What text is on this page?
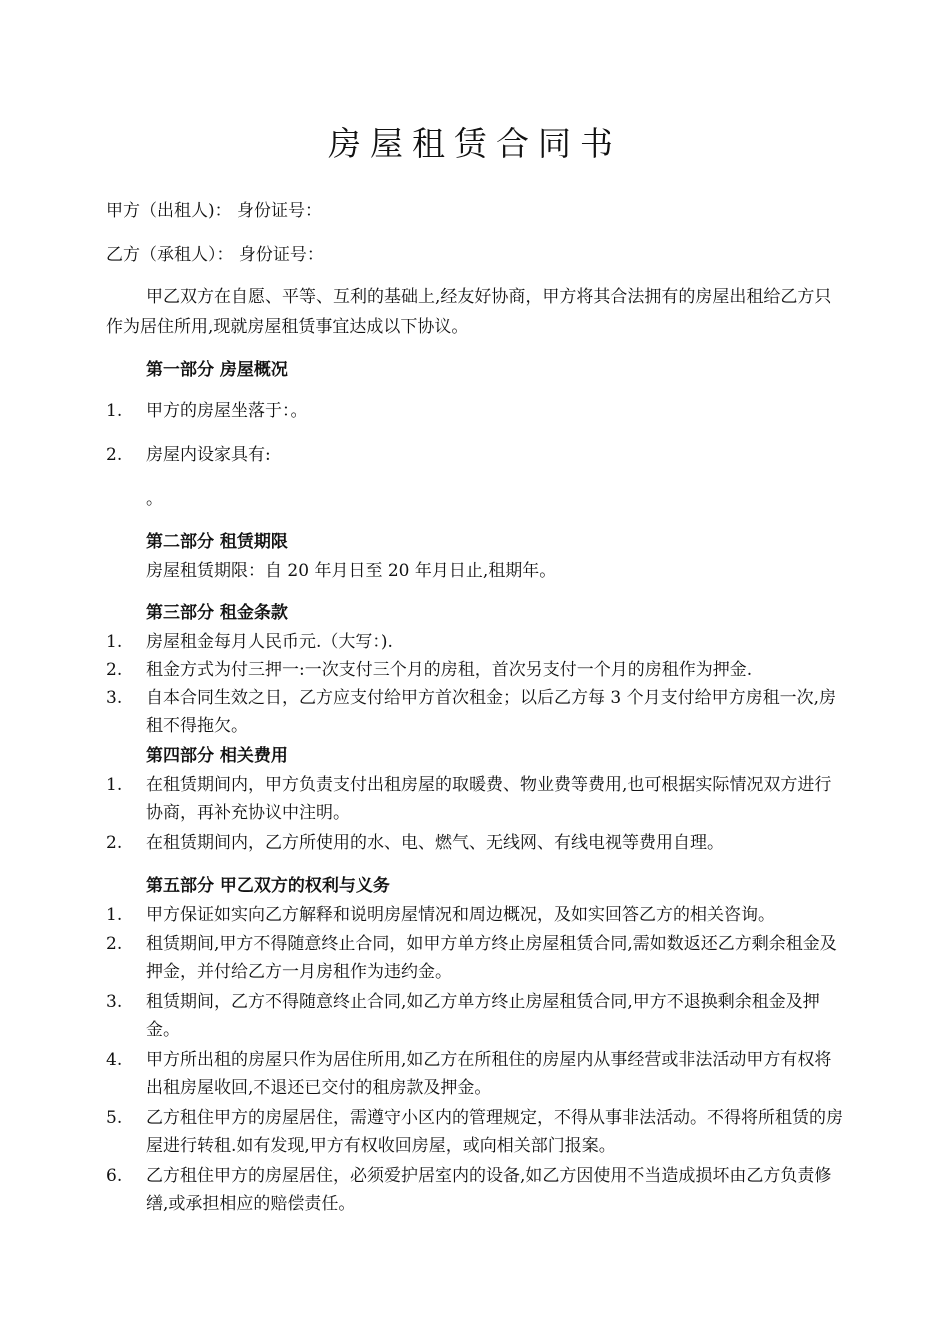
房屋租赁合同书
甲方（出租人)： 身份证号：
乙方（承租人）： 身份证号：
甲乙双方在自愿、平等、互利的基础上,经友好协商，甲方将其合法拥有的房屋出租给乙方只作为居住所用,现就房屋租赁事宜达成以下协议。
第一部分 房屋概况
1.	甲方的房屋坐落于：。
2.	房屋内设家具有:
。
第二部分 租赁期限
房屋租赁期限：自 20 年月日至 20 年月日止,租期年。
第三部分 租金条款
1.	房屋租金每月人民币元.（大写：).
2.	租金方式为付三押一:一次支付三个月的房租，首次另支付一个月的房租作为押金.
3.	自本合同生效之日，乙方应支付给甲方首次租金；以后乙方每 3 个月支付给甲方房租一次,房租不得拖欠。
第四部分 相关费用
1.	在租赁期间内，甲方负责支付出租房屋的取暖费、物业费等费用,也可根据实际情况双方进行协商，再补充协议中注明。
2.	在租赁期间内，乙方所使用的水、电、燃气、无线网、有线电视等费用自理。
第五部分 甲乙双方的权利与义务
1.	甲方保证如实向乙方解释和说明房屋情况和周边概况，及如实回答乙方的相关咨询。
2.	租赁期间,甲方不得随意终止合同，如甲方单方终止房屋租赁合同,需如数返还乙方剩余租金及押金，并付给乙方一月房租作为违约金。
3.	租赁期间，乙方不得随意终止合同,如乙方单方终止房屋租赁合同,甲方不退换剩余租金及押金。
4.	甲方所出租的房屋只作为居住所用,如乙方在所租住的房屋内从事经营或非法活动甲方有权将出租房屋收回,不退还已交付的租房款及押金。
5.	乙方租住甲方的房屋居住，需遵守小区内的管理规定，不得从事非法活动。不得将所租赁的房屋进行转租.如有发现,甲方有权收回房屋，或向相关部门报案。
6.	乙方租住甲方的房屋居住，必须爱护居室内的设备,如乙方因使用不当造成损坏由乙方负责修缮,或承担相应的赔偿责任。
